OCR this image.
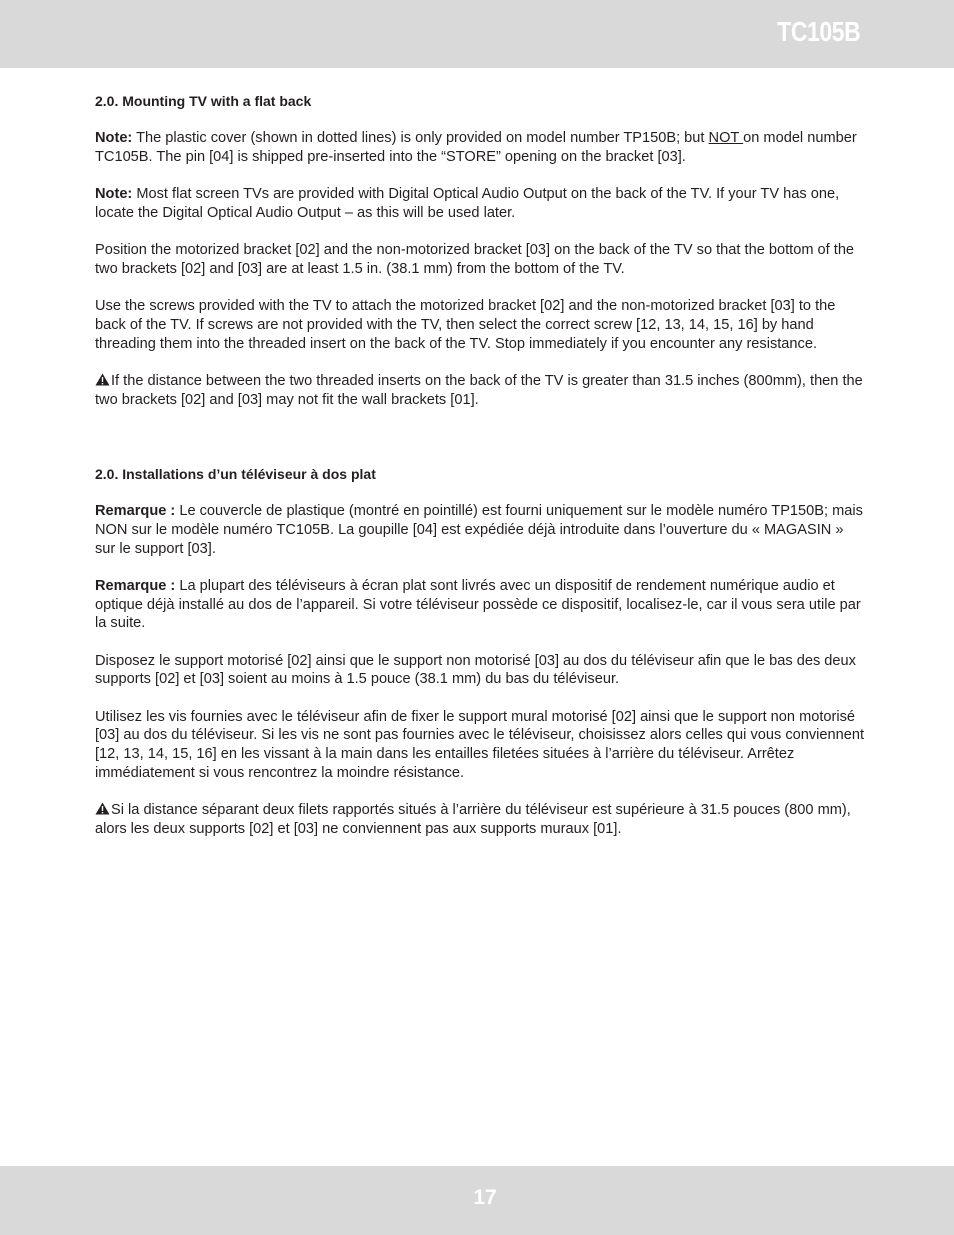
TC105B

2.0. Mounting TV with a flat back

Note: The plastic cover (shown in dotted lines) is only provided on model number TP150B; but NOT on model number TC105B. The pin [04] is shipped pre-inserted into the “STORE” opening on the bracket [03].

Note: Most flat screen TVs are provided with Digital Optical Audio Output on the back of the TV. If your TV has one, locate the Digital Optical Audio Output – as this will be used later.

Position the motorized bracket [02] and the non-motorized bracket [03] on the back of the TV so that the bottom of the two brackets [02] and [03] are at least 1.5 in. (38.1 mm) from the bottom of the TV.

Use the screws provided with the TV to attach the motorized bracket [02] and the non-motorized bracket [03] to the back of the TV. If screws are not provided with the TV, then select the correct screw [12, 13, 14, 15, 16] by hand threading them into the threaded insert on the back of the TV. Stop immediately if you encounter any resistance.

If the distance between the two threaded inserts on the back of the TV is greater than 31.5 inches (800mm), then the two brackets [02] and [03] may not fit the wall brackets [01].

2.0. Installations d’un téléviseur à dos plat

Remarque : Le couvercle de plastique (montré en pointillé) est fourni uniquement sur le modèle numéro TP150B; mais NON sur le modèle numéro TC105B. La goupille [04] est expédiée déjà introduite dans l’ouverture du « MAGASIN » sur le support [03].

Remarque : La plupart des téléviseurs à écran plat sont livrés avec un dispositif de rendement numérique audio et optique déjà installé au dos de l’appareil. Si votre téléviseur possède ce dispositif, localisez-le, car il vous sera utile par la suite.

Disposez le support motorisé [02] ainsi que le support non motorisé [03] au dos du téléviseur afin que le bas des deux supports [02] et [03] soient au moins à 1.5 pouce (38.1 mm) du bas du téléviseur.

Utilisez les vis fournies avec le téléviseur afin de fixer le support mural motorisé [02] ainsi que le support non motorisé [03] au dos du téléviseur. Si les vis ne sont pas fournies avec le téléviseur, choisissez alors celles qui vous conviennent [12, 13, 14, 15, 16] en les vissant à la main dans les entailles filetées situées à l’arrière du téléviseur. Arrêtez immédiatement si vous rencontrez la moindre résistance.

Si la distance séparant deux filets rapportés situés à l’arrière du téléviseur est supérieure à 31.5 pouces (800 mm), alors les deux supports [02] et [03] ne conviennent pas aux supports muraux [01].

17
